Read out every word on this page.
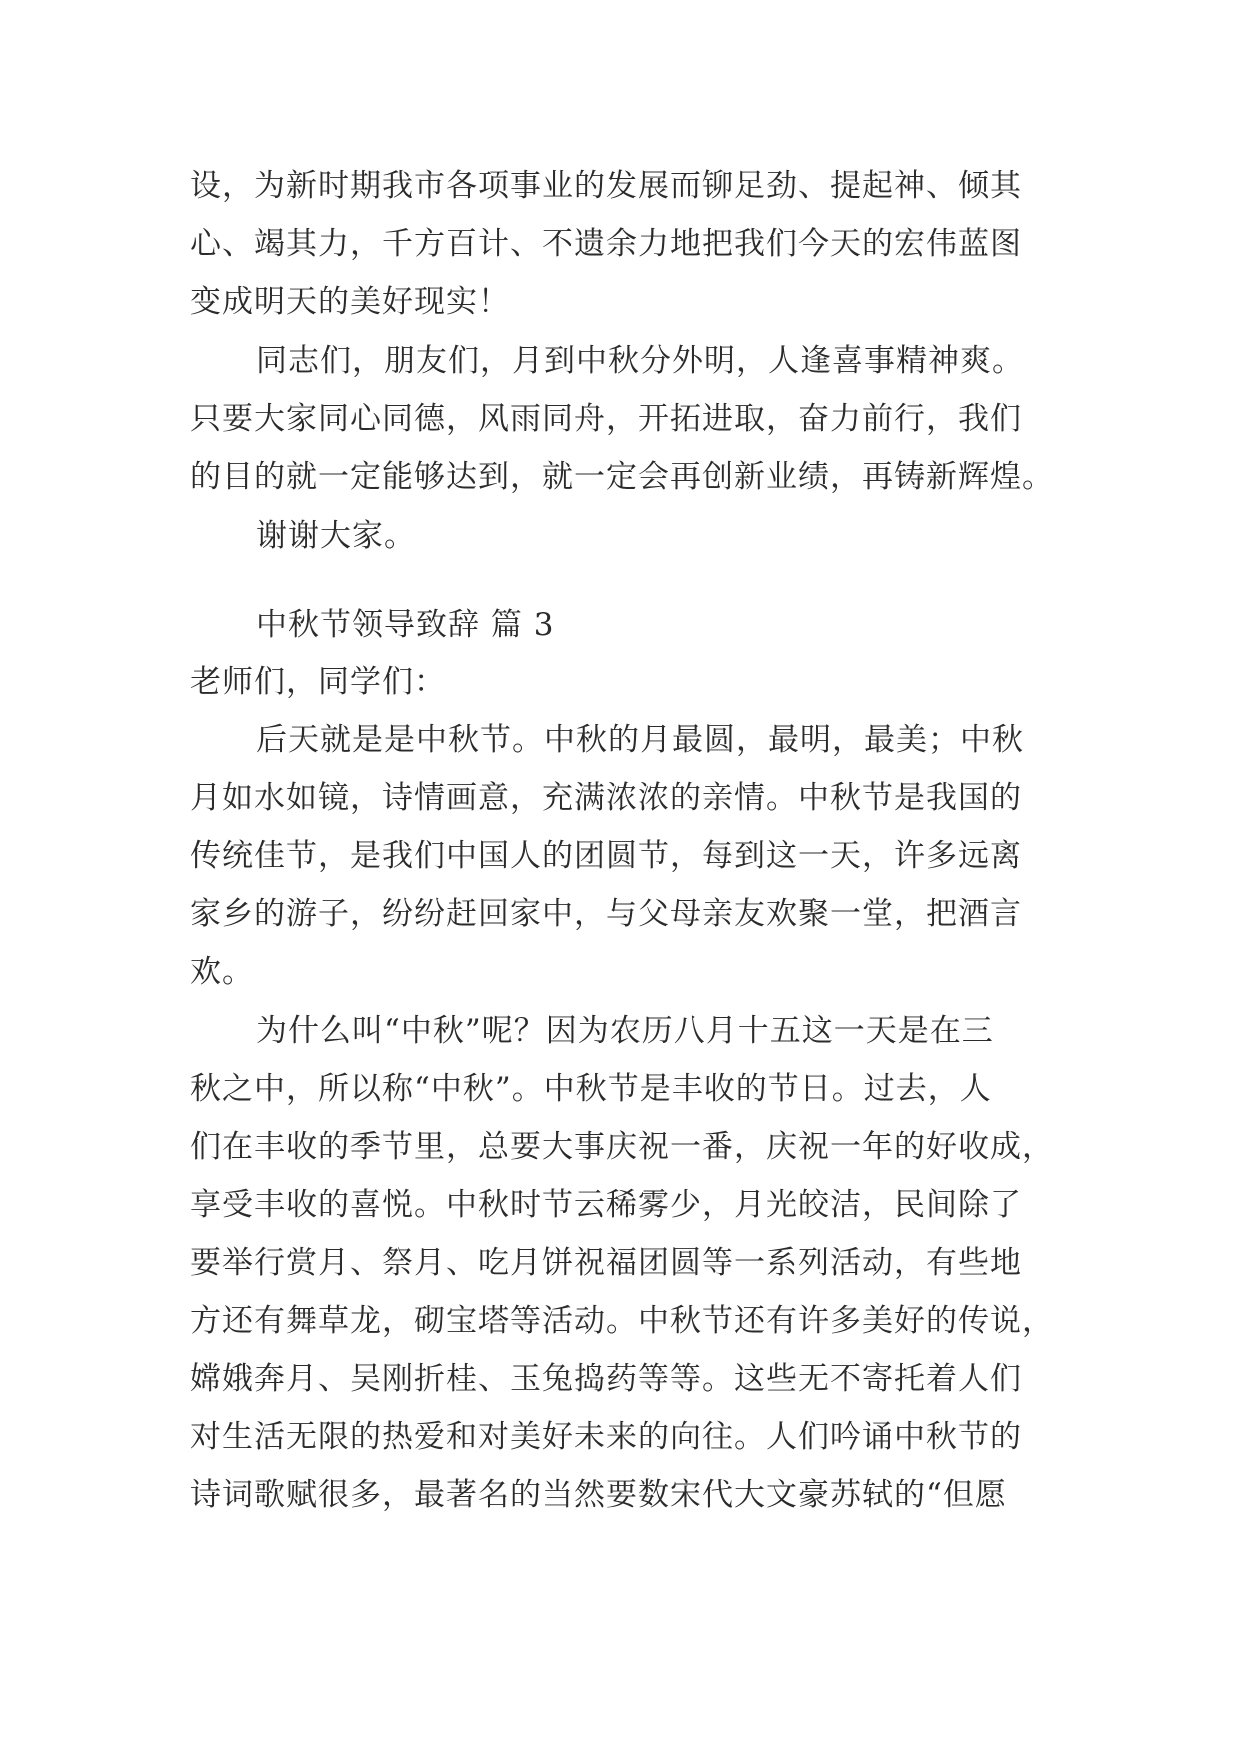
设，为新时期我市各项事业的发展而铆足劲、提起神、倾其
心、竭其力，千方百计、不遗余力地把我们今天的宏伟蓝图
变成明天的美好现实！
同志们，朋友们，月到中秋分外明，人逢喜事精神爽。
只要大家同心同德，风雨同舟，开拓进取，奋力前行，我们
的目的就一定能够达到，就一定会再创新业绩，再铸新辉煌。
谢谢大家。
中秋节领导致辞 篇 3
老师们，同学们：
后天就是是中秋节。中秋的月最圆，最明，最美；中秋
月如水如镜，诗情画意，充满浓浓的亲情。中秋节是我国的
传统佳节，是我们中国人的团圆节，每到这一天，许多远离
家乡的游子，纷纷赶回家中，与父母亲友欢聚一堂，把酒言
欢。
为什么叫“中秋”呢？因为农历八月十五这一天是在三
秋之中，所以称“中秋”。中秋节是丰收的节日。过去，人
们在丰收的季节里，总要大事庆祝一番，庆祝一年的好收成，
享受丰收的喜悦。中秋时节云稀雾少，月光皎洁，民间除了
要举行赏月、祭月、吃月饼祝福团圆等一系列活动，有些地
方还有舞草龙，砌宝塔等活动。中秋节还有许多美好的传说，
嫦娥奔月、吴刚折桂、玉兔捣药等等。这些无不寄托着人们
对生活无限的热爱和对美好未来的向往。人们吟诵中秋节的
诗词歌赋很多，最著名的当然要数宋代大文豪苏轼的“但愿
